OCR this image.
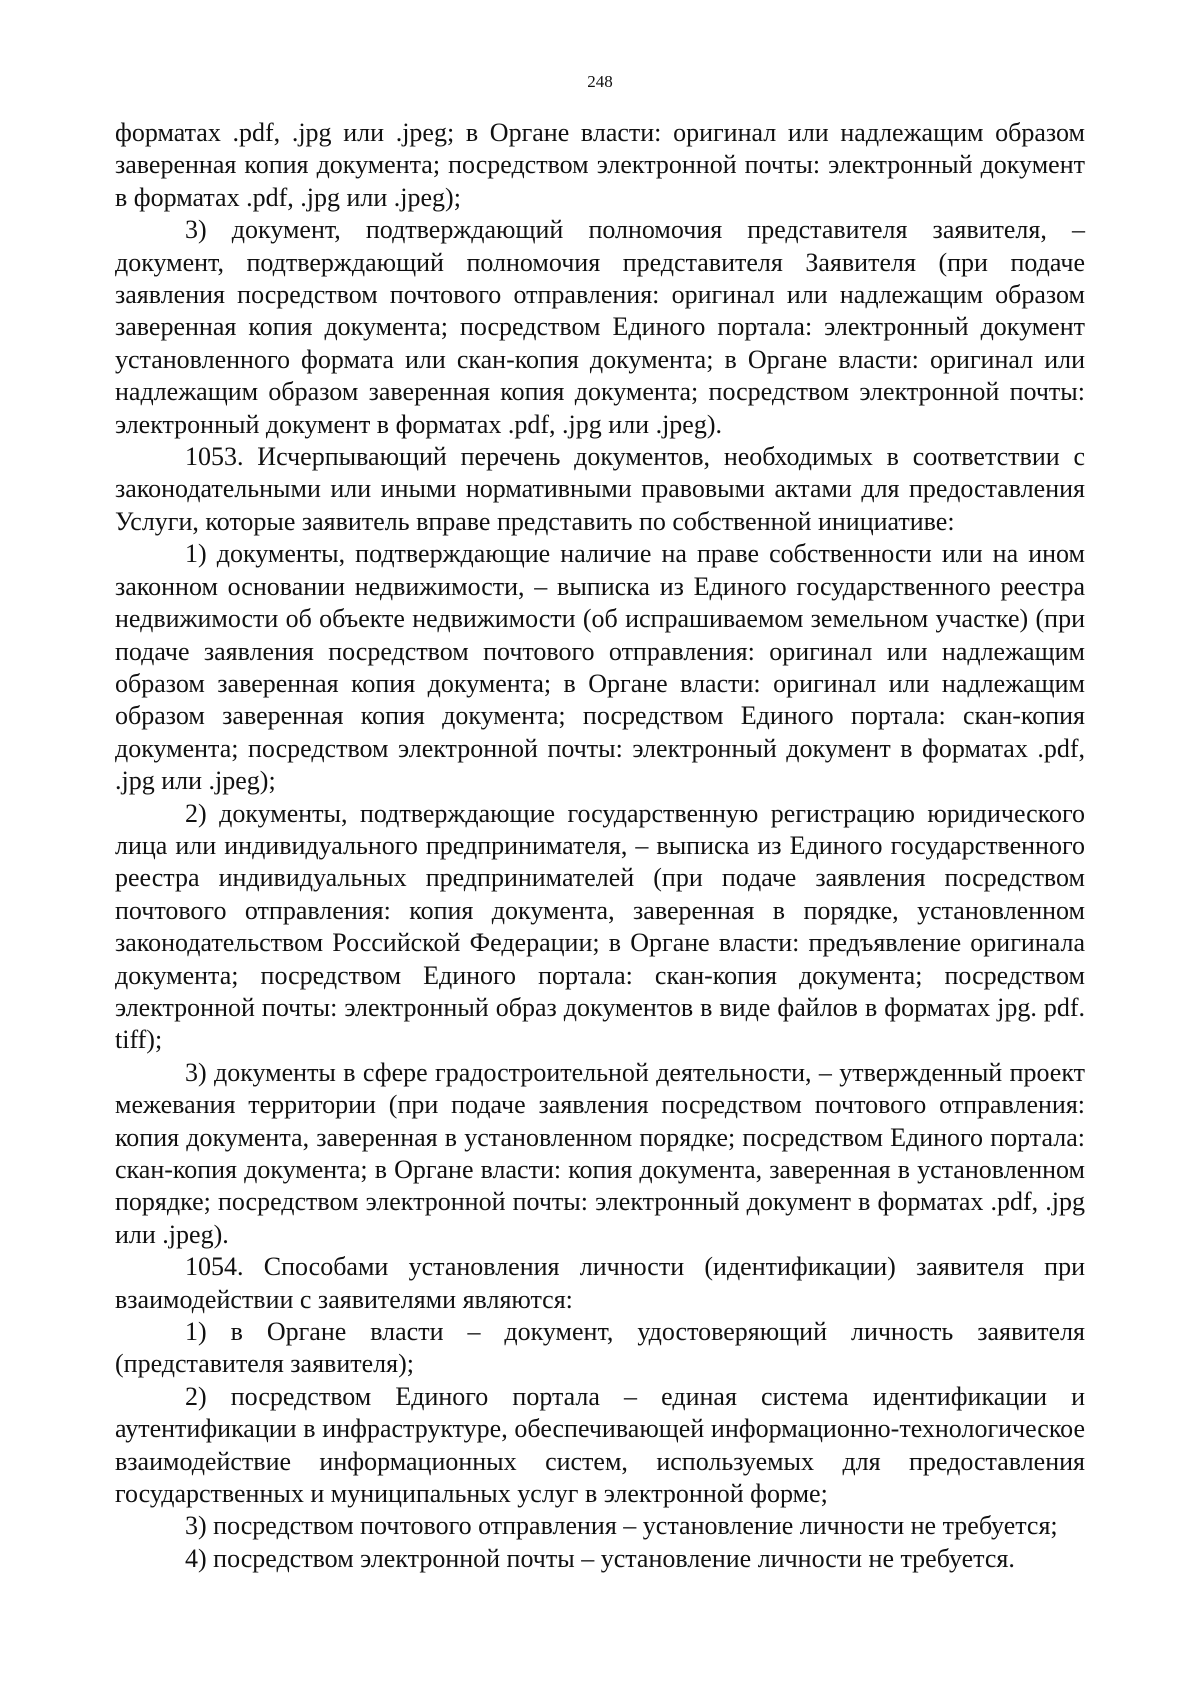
248

форматах .pdf, .jpg или .jpeg; в Органе власти: оригинал или надлежащим образом заверенная копия документа; посредством электронной почты: электронный документ в форматах .pdf, .jpg или .jpeg);

3) документ, подтверждающий полномочия представителя заявителя, – документ, подтверждающий полномочия представителя Заявителя (при подаче заявления посредством почтового отправления: оригинал или надлежащим образом заверенная копия документа; посредством Единого портала: электронный документ установленного формата или скан-копия документа; в Органе власти: оригинал или надлежащим образом заверенная копия документа; посредством электронной почты: электронный документ в форматах .pdf, .jpg или .jpeg).

1053. Исчерпывающий перечень документов, необходимых в соответствии с законодательными или иными нормативными правовыми актами для предоставления Услуги, которые заявитель вправе представить по собственной инициативе:

1) документы, подтверждающие наличие на праве собственности или на ином законном основании недвижимости, – выписка из Единого государственного реестра недвижимости об объекте недвижимости (об испрашиваемом земельном участке) (при подаче заявления посредством почтового отправления: оригинал или надлежащим образом заверенная копия документа; в Органе власти: оригинал или надлежащим образом заверенная копия документа; посредством Единого портала: скан-копия документа; посредством электронной почты: электронный документ в форматах .pdf, .jpg или .jpeg);

2) документы, подтверждающие государственную регистрацию юридического лица или индивидуального предпринимателя, – выписка из Единого государственного реестра индивидуальных предпринимателей (при подаче заявления посредством почтового отправления: копия документа, заверенная в порядке, установленном законодательством Российской Федерации; в Органе власти: предъявление оригинала документа; посредством Единого портала: скан-копия документа; посредством электронной почты: электронный образ документов в виде файлов в форматах jpg. pdf. tiff);

3) документы в сфере градостроительной деятельности, – утвержденный проект межевания территории (при подаче заявления посредством почтового отправления: копия документа, заверенная в установленном порядке; посредством Единого портала: скан-копия документа; в Органе власти: копия документа, заверенная в установленном порядке; посредством электронной почты: электронный документ в форматах .pdf, .jpg или .jpeg).

1054. Способами установления личности (идентификации) заявителя при взаимодействии с заявителями являются:

1) в Органе власти – документ, удостоверяющий личность заявителя (представителя заявителя);

2) посредством Единого портала – единая система идентификации и аутентификации в инфраструктуре, обеспечивающей информационно-технологическое взаимодействие информационных систем, используемых для предоставления государственных и муниципальных услуг в электронной форме;

3) посредством почтового отправления – установление личности не требуется;

4) посредством электронной почты – установление личности не требуется.
